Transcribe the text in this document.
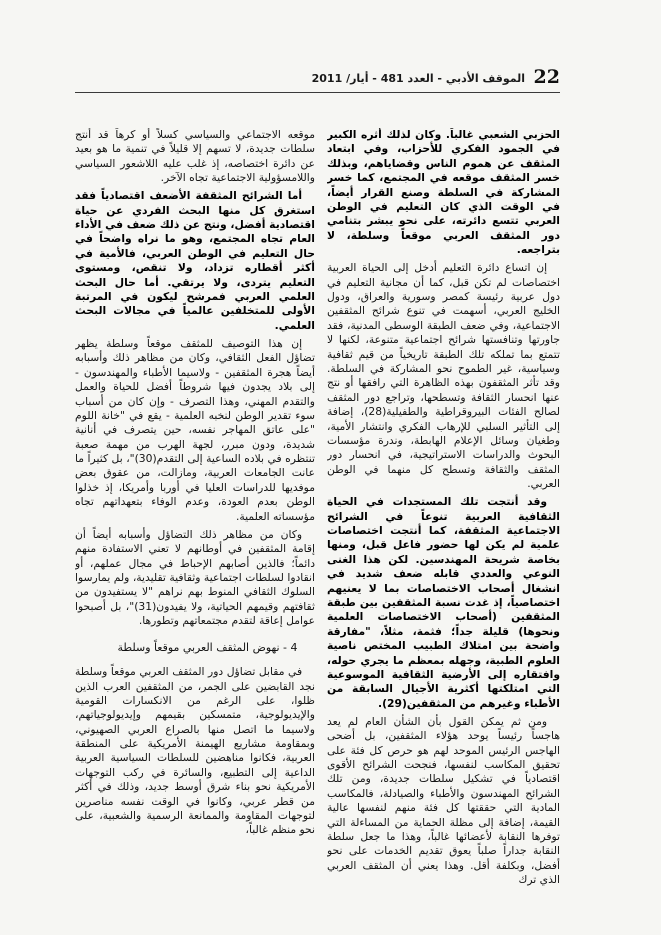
22
الموقف الأدبي - العدد 481 - أيار/ 2011

الحزبي الشعبي غالباً. وكان لذلك أثره الكبير في الجمود الفكري للأحزاب، وفي ابتعاد المثقف عن هموم الناس وقضاياهم، وبذلك خسر المثقف موقعه في المجتمع، كما خسر المشاركة في السلطة وصنع القرار أيضاً، في الوقت الذي كان التعليم في الوطن العربي تتسع دائرته، على نحو يبشر بتنامي دور المثقف العربي موقعاً وسلطة، لا بتراجعه.

إن اتساع دائرة التعليم أدخل إلى الحياة العربية اختصاصات لم تكن قبل، كما أن مجانية التعليم في دول عربية رئيسة كمصر وسورية والعراق، ودول الخليج العربي، أسهمت في تنوع شرائح المثقفين الاجتماعية، وفي ضعف الطبقة الوسطى المدنية، فقد جاورتها وتنافستها شرائح اجتماعية متنوعة، لكنها لا تتمتع بما تملكه تلك الطبقة تاريخياً من قيم ثقافية وسياسية، غير الطموح نحو المشاركة في السلطة. وقد تأثر المثقفون بهذه الظاهرة التي رافقها أو نتج عنها انحسار الثقافة وتسطحها، وتراجع دور المثقف لصالح الفئات البيروقراطية والطفيلية(28)، إضافة إلى التأثير السلبي للإرهاب الفكري وانتشار الأمية، وطغيان وسائل الإعلام الهابطة، وندرة مؤسسات البحوث والدراسات الاستراتيجية، في انحسار دور المثقف والثقافة وتسطح كل منهما في الوطن العربي.

وقد أنتجت تلك المستجدات في الحياة الثقافية العربية تنوعاً في الشرائح الاجتماعية المثقفة، كما أنتجت اختصاصات علمية لم يكن لها حضور فاعل قبل، ومنها بخاصة شريحة المهندسين. لكن هذا الغنى النوعي والعددي قابله ضعف شديد في انشغال أصحاب الاختصاصات بما لا يعنيهم اختصاصياً، إذ غدت نسبة المثقفين بين طبقة المثقفين (أصحاب الاختصاصات العلمية ونحوها) قليلة جداً؛ فثمة، مثلاً، "مفارقة واضحة بين امتلاك الطبيب المختص ناصية العلوم الطبية، وجهله بمعظم ما يجري حوله، وافتقاره إلى الأرضية الثقافية الموسوعية التي امتلكتها أكثرية الأجيال السابقة من الأطباء وغيرهم من المثقفين(29).

ومن ثم يمكن القول بأن الشأن العام لم يعد هاجساً رئيساً يوحد هؤلاء المثقفين، بل أضحى الهاجس الرئيس الموحد لهم هو حرص كل فئة على تحقيق المكاسب لنفسها، فنجحت الشرائح الأقوى اقتصادياً في تشكيل سلطات جديدة، ومن تلك الشرائح المهندسون والأطباء والصيادلة، فالمكاسب المادية التي حققتها كل فئة منهم لنفسها عالية القيمة، إضافة إلى مظلة الحماية من المساءلة التي توفرها النقابة لأعضائها غالباً، وهذا ما جعل سلطة النقابة جداراً صلباً يعوق تقديم الخدمات على نحو أفضل، وبكلفة أقل. وهذا يعني أن المثقف العربي الذي ترك

موقعه الاجتماعي والسياسي كسلاً أو كرهاً قد أنتج سلطات جديدة، لا تسهم إلا قليلاً في تنمية ما هو بعيد عن دائرة اختصاصه، إذ غلب عليه اللاشعور السياسي واللامسؤولية الاجتماعية تجاه الآخر.

أما الشرائح المثقفة الأضعف اقتصادياً فقد استغرق كل منها البحث الفردي عن حياة اقتصادية أفضل، ونتج عن ذلك ضعف في الأداء العام تجاه المجتمع، وهو ما نراه واضحاً في حال التعليم في الوطن العربي، فالأمية في أكثر أقطاره تزداد، ولا تنقص، ومستوى التعليم يتردى، ولا يرتقي. أما حال البحث العلمي العربي فمرشح ليكون في المرتبة الأولى للمتخلفين عالمياً في مجالات البحث العلمي.

إن هذا التوصيف للمثقف موقعاً وسلطة يظهر تضاؤل الفعل الثقافي، وكان من مظاهر ذلك وأسبابه أيضاً هجرة المثقفين - ولاسيما الأطباء والمهندسون - إلى بلاد يجدون فيها شروطاً أفضل للحياة والعمل والتقدم المهني، وهذا التصرف - وإن كان من أسباب سوء تقدير الوطن لنخبه العلمية - يقع في "خانة اللوم "على عاتق المهاجر نفسه، حين يتصرف في أنانية شديدة، ودون مبرر، لجهة الهرب من مهمة صعبة تنتظره في بلاده الساعية إلى التقدم(30)"، بل كثيراً ما عانت الجامعات العربية، ومازالت، من عقوق بعض موفديها للدراسات العليا في أوربا وأمريكا، إذ خذلوا الوطن بعدم العودة، وعدم الوفاء بتعهداتهم تجاه مؤسساته العلمية.

وكان من مظاهر ذلك التضاؤل وأسبابه أيضاً أن إقامة المثقفين في أوطانهم لا تعني الاستفادة منهم دائماً؛ فالذين أصابهم الإحباط في مجال عملهم، أو انقادوا لسلطات اجتماعية وثقافية تقليدية، ولم يمارسوا السلوك الثقافي المنوط بهم نراهم "لا يستفيدون من ثقافتهم وقيمهم الحياتية، ولا يفيدون(31)"، بل أصبحوا عوامل إعاقة لتقدم مجتمعاتهم وتطورها.

4 - نهوض المثقف العربي موقعاً وسلطة

في مقابل تضاؤل دور المثقف العربي موقعاً وسلطة نجد القابضين على الجمر، من المثقفين العرب الذين ظلوا، على الرغم من الانكسارات القومية والإيديولوجية، متمسكين بقيمهم وإيديولوجياتهم، ولاسيما ما اتصل منها بالصراع العربي الصهيوني، وبمقاومة مشاريع الهيمنة الأمريكية على المنطقة العربية، فكانوا مناهضين للسلطات السياسية العربية الداعية إلى التطبيع، والسائرة في ركب التوجهات الأمريكية نحو بناء شرق أوسط جديد، وذلك في أكثر من قطر عربي، وكانوا في الوقت نفسه مناصرين لتوجهات المقاومة والممانعة الرسمية والشعبية، على نحو منظم غالباً،
